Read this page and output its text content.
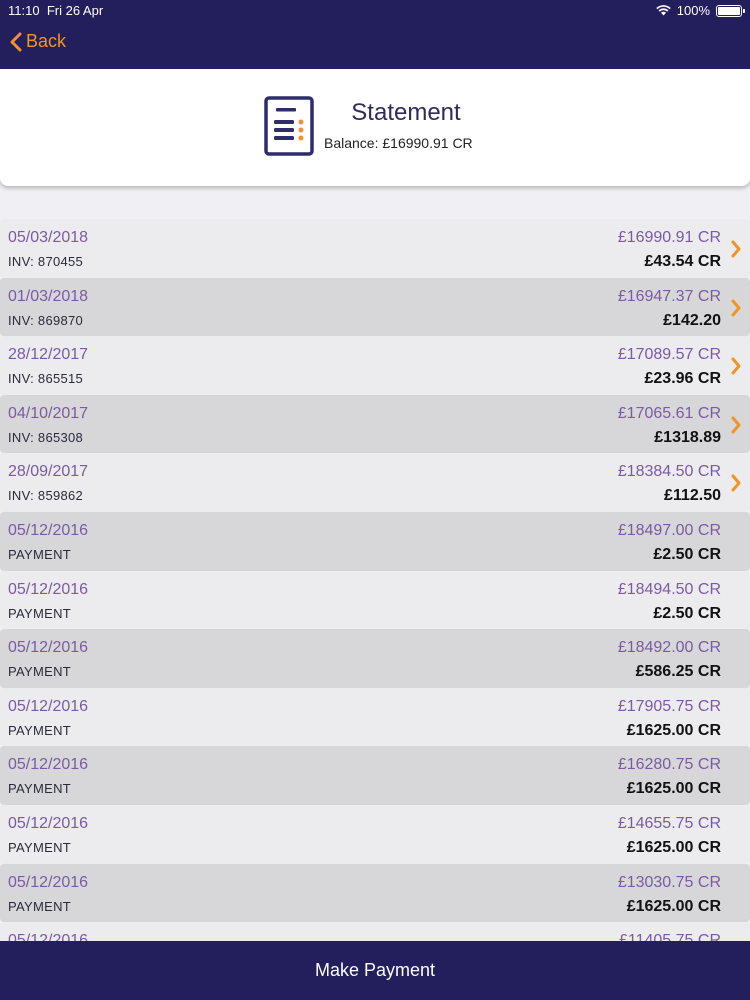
11:10 Fri 26 Apr	100%
Back
Statement
Balance: £16990.91 CR
05/03/2018
INV: 870455
£16990.91 CR
£43.54 CR
01/03/2018
INV: 869870
£16947.37 CR
£142.20
28/12/2017
INV: 865515
£17089.57 CR
£23.96 CR
04/10/2017
INV: 865308
£17065.61 CR
£1318.89
28/09/2017
INV: 859862
£18384.50 CR
£112.50
05/12/2016
PAYMENT
£18497.00 CR
£2.50 CR
05/12/2016
PAYMENT
£18494.50 CR
£2.50 CR
05/12/2016
PAYMENT
£18492.00 CR
£586.25 CR
05/12/2016
PAYMENT
£17905.75 CR
£1625.00 CR
05/12/2016
PAYMENT
£16280.75 CR
£1625.00 CR
05/12/2016
PAYMENT
£14655.75 CR
£1625.00 CR
05/12/2016
PAYMENT
£13030.75 CR
£1625.00 CR
Make Payment
